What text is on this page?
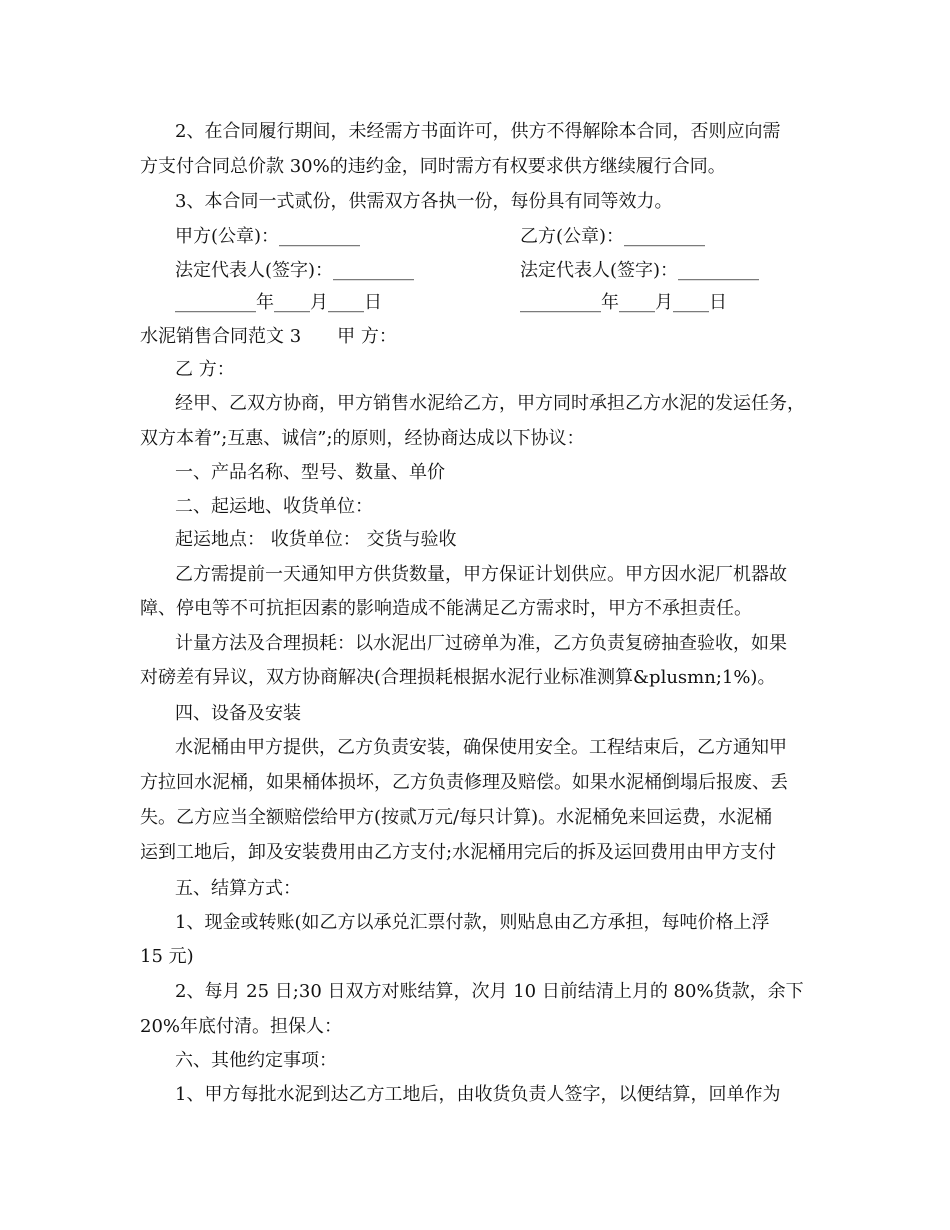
2、在合同履行期间，未经需方书面许可，供方不得解除本合同，否则应向需
方支付合同总价款 30%的违约金，同时需方有权要求供方继续履行合同。
3、本合同一式贰份，供需双方各执一份，每份具有同等效力。
甲方(公章)：_________	乙方(公章)：_________
法定代表人(签字)：_________	法定代表人(签字)：_________
_________年____月____日	_________年____月____日
水泥销售合同范文 3　　甲 方：
乙 方：
经甲、乙双方协商，甲方销售水泥给乙方，甲方同时承担乙方水泥的发运任务，
双方本着”;互惠、诚信”;的原则，经协商达成以下协议：
一、产品名称、型号、数量、单价
二、起运地、收货单位：
起运地点： 收货单位： 交货与验收
乙方需提前一天通知甲方供货数量，甲方保证计划供应。甲方因水泥厂机器故
障、停电等不可抗拒因素的影响造成不能满足乙方需求时，甲方不承担责任。
计量方法及合理损耗：以水泥出厂过磅单为准，乙方负责复磅抽查验收，如果
对磅差有异议，双方协商解决(合理损耗根据水泥行业标准测算&plusmn;1%)。
四、设备及安装
水泥桶由甲方提供，乙方负责安装，确保使用安全。工程结束后，乙方通知甲
方拉回水泥桶，如果桶体损坏，乙方负责修理及赔偿。如果水泥桶倒塌后报废、丢
失。乙方应当全额赔偿给甲方(按贰万元/每只计算)。水泥桶免来回运费，水泥桶
运到工地后，卸及安装费用由乙方支付;水泥桶用完后的拆及运回费用由甲方支付
五、结算方式：
1、现金或转账(如乙方以承兑汇票付款，则贴息由乙方承担，每吨价格上浮
15 元)
2、每月 25 日;30 日双方对账结算，次月 10 日前结清上月的 80%货款，余下
20%年底付清。担保人：
六、其他约定事项：
1、甲方每批水泥到达乙方工地后，由收货负责人签字，以便结算，回单作为
